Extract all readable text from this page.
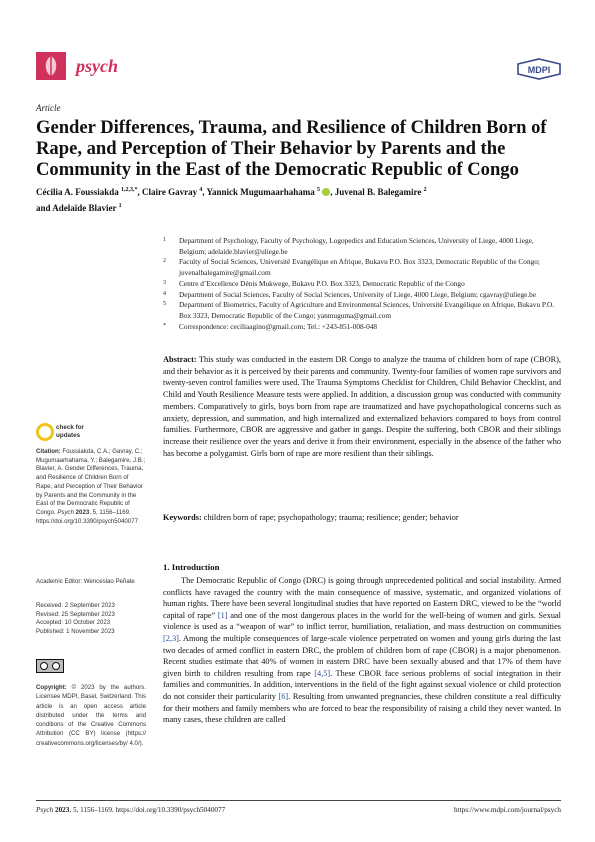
psych	MDPI
Article
Gender Differences, Trauma, and Resilience of Children Born of Rape, and Perception of Their Behavior by Parents and the Community in the East of the Democratic Republic of Congo
Cécilia A. Foussiakda $^{1,2,3,*}$, Claire Gavray $^4$, Yannick Mugumaarhahama $^5$ , Juvenal B. Balegamire $^2$
and Adelaïde Blavier $^1$
1	Department of Psychology, Faculty of Psychology, Logopedics and Education Sciences, University of Liege, 4000 Liege, Belgium; adelaide.blavier@uliege.be
2	Faculty of Social Sciences, Université Evangélique en Afrique, Bukavu P.O. Box 3323, Democratic Republic of the Congo; juvenalbalegamire@gmail.com
3	Centre d’Excellence Dénis Mukwege, Bukavu P.O. Box 3323, Democratic Republic of the Congo
4	Department of Social Sciences, Faculty of Social Sciences, University of Liege, 4000 Liege, Belgium; cgavray@uliege.be
5	Department of Biometrics, Faculty of Agriculture and Environmental Sciences, Université Evangélique en Afrique, Bukavu P.O. Box 3323, Democratic Republic of the Congo; yanmuguma@gmail.com
*	Correspondence: ceciliaagino@gmail.com; Tel.: +243-851-008-048
Abstract: This study was conducted in the eastern DR Congo to analyze the trauma of children born of rape (CBOR), and their behavior as it is perceived by their parents and community. Twenty-four families of women rape survivors and twenty-seven control families were used. The Trauma Symptoms Checklist for Children, Child Behavior Checklist, and Child and Youth Resilience Measure tests were applied. In addition, a discussion group was conducted with community members. Comparatively to girls, boys born from rape are traumatized and have psychopathological concerns such as anxiety, depression, and summation, and high internalized and externalized behaviors compared to boys from control families. Furthermore, CBOR are aggressive and gather in gangs. Despite the suffering, both CBOR and their siblings increase their resilience over the years and derive it from their environment, especially in the absence of the father who has become a polygamist. Girls born of rape are more resilient than their siblings.
Keywords: children born of rape; psychopathology; trauma; resilience; gender; behavior
check for
updates
Citation: Foussiakda, C.A.; Gavray, C.; Mugumaarhahama, Y.; Balegamire, J.B.; Blavier, A. Gender Differences, Trauma, and Resilience of Children Born of Rape, and Perception of Their Behavior by Parents and the Community in the East of the Democratic Republic of Congo. Psych 2023, 5, 1156–1169. https://doi.org/10.3390/psych5040077
Academic Editor: Wenceslao Peñate
Received: 2 September 2023
Revised: 25 September 2023
Accepted: 10 October 2023
Published: 1 November 2023
Copyright: © 2023 by the authors. Licensee MDPI, Basel, Switzerland. This article is an open access article distributed under the terms and conditions of the Creative Commons Attribution (CC BY) license (https:// creativecommons.org/licenses/by/ 4.0/).
1. Introduction

The Democratic Republic of Congo (DRC) is going through unprecedented political and social instability. Armed conflicts have ravaged the country with the main consequence of massive, systematic, and organized violations of human rights. There have been several longitudinal studies that have reported on Eastern DRC, viewed to be the “world capital of rape” [1] and one of the most dangerous places in the world for the well-being of women and girls. Sexual violence is used as a “weapon of war” to inflict terror, humiliation, retaliation, and mass destruction on communities [2,3]. Among the multiple consequences of large-scale violence perpetrated on women and young girls during the last two decades of armed conflict in eastern DRC, the problem of children born of rape (CBOR) is a major phenomenon. Recent studies estimate that 40% of women in eastern DRC have been sexually abused and that 17% of them have given birth to children resulting from rape [4,5]. These CBOR face serious problems of social integration in their families and communities. In addition, interventions in the field of the fight against sexual violence or child protection do not consider their particularity [6]. Resulting from unwanted pregnancies, these children constitute a real difficulty for their mothers and family members who are forced to bear the responsibility of raising a child they never wanted. In many cases, these children are called

Psych 2023, 5, 1156–1169. https://doi.org/10.3390/psych5040077	https://www.mdpi.com/journal/psych
